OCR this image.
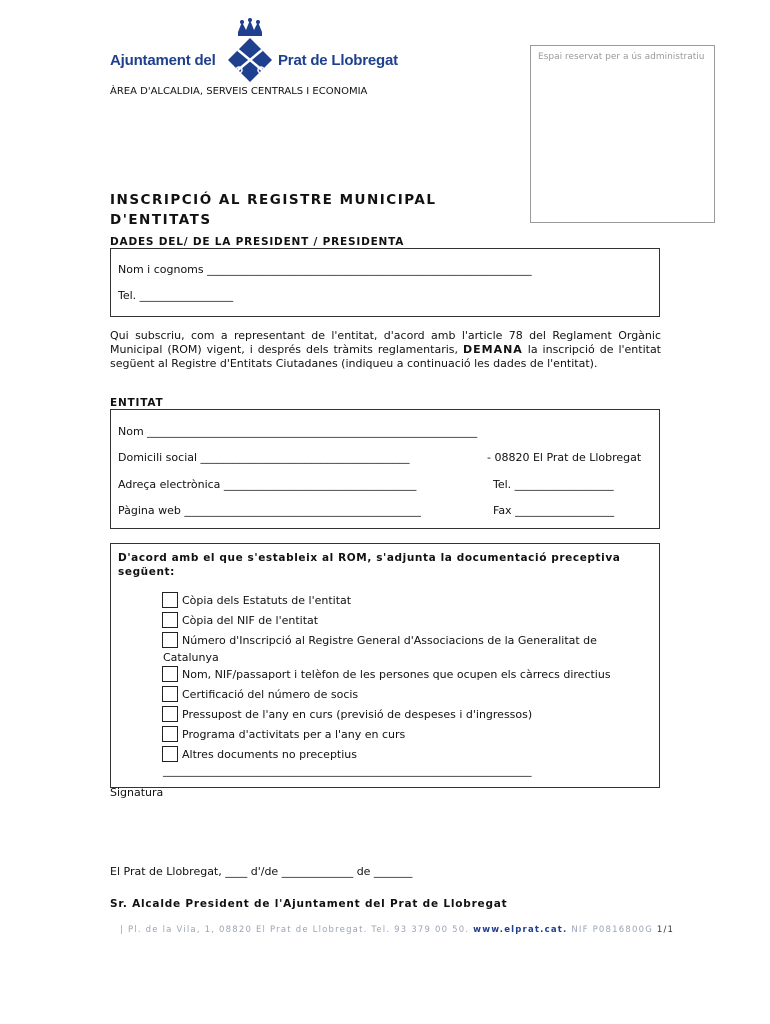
Ajuntament del	Prat de Llobregat
ÀREA D'ALCALDIA, SERVEIS CENTRALS I ECONOMIA
Espai reservat per a ús administratiu
INSCRIPCIÓ AL REGISTRE MUNICIPAL
D'ENTITATS
DADES DEL/ DE LA PRESIDENT / PRESIDENTA
Nom i cognoms ___________________________________________________________
Tel. _________________
Qui subscriu, com a representant de l'entitat, d'acord amb l'article 78 del Reglament Orgànic Municipal (ROM) vigent, i després dels tràmits reglamentaris, DEMANA la inscripció de l'entitat següent al Registre d'Entitats Ciutadanes (indiqueu a continuació les dades de l'entitat).
ENTITAT
Nom ____________________________________________________________
Domicili social ______________________________________	- 08820 El Prat de Llobregat
Adreça electrònica ___________________________________	Tel. __________________
Pàgina web ___________________________________________	Fax __________________
D'acord amb el que s'estableix al ROM, s'adjunta la documentació preceptiva
següent:
Còpia dels Estatuts de l'entitat
Còpia del NIF de l'entitat
Número d'Inscripció al Registre General d'Associacions de la Generalitat de
Catalunya
Nom, NIF/passaport i telèfon de les persones que ocupen els càrrecs directius
Certificació del número de socis
Pressupost de l'any en curs (previsió de despeses i d'ingressos)
Programa d'activitats per a l'any en curs
Altres documents no preceptius
___________________________________________________________________
Signatura
El Prat de Llobregat, ____ d'/de _____________ de _______
Sr. Alcalde President de l'Ajuntament del Prat de Llobregat
| Pl. de la Vila, 1, 08820 El Prat de Llobregat. Tel. 93 379 00 50. www.elprat.cat. NIF P0816800G 1/1
